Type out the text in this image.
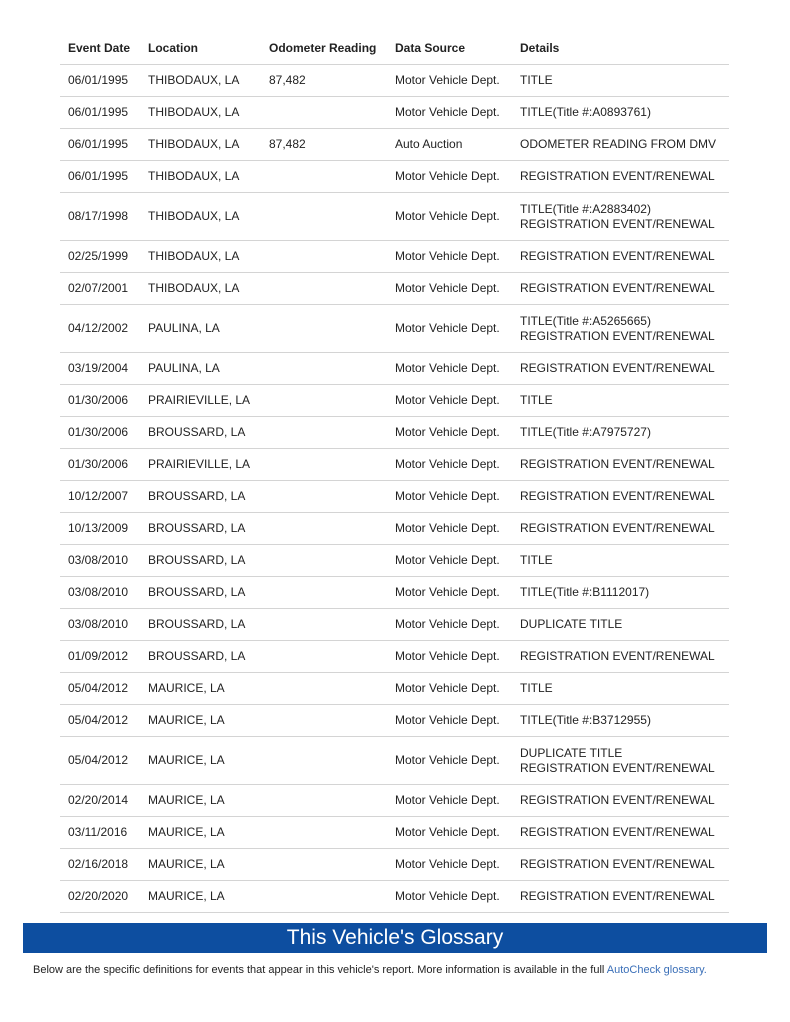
Event Date	Location	Odometer Reading	Data Source	Details
06/01/1995	THIBODAUX, LA	87,482	Motor Vehicle Dept.	TITLE

06/01/1995	THIBODAUX, LA		Motor Vehicle Dept.	TITLE(Title #:A0893761)

06/01/1995	THIBODAUX, LA	87,482	Auto Auction	ODOMETER READING FROM DMV

06/01/1995	THIBODAUX, LA		Motor Vehicle Dept.	REGISTRATION EVENT/RENEWAL

08/17/1998	THIBODAUX, LA		Motor Vehicle Dept.	TITLE(Title #:A2883402)
REGISTRATION EVENT/RENEWAL

02/25/1999	THIBODAUX, LA		Motor Vehicle Dept.	REGISTRATION EVENT/RENEWAL

02/07/2001	THIBODAUX, LA		Motor Vehicle Dept.	REGISTRATION EVENT/RENEWAL

04/12/2002	PAULINA, LA		Motor Vehicle Dept.	TITLE(Title #:A5265665)
REGISTRATION EVENT/RENEWAL

03/19/2004	PAULINA, LA		Motor Vehicle Dept.	REGISTRATION EVENT/RENEWAL

01/30/2006	PRAIRIEVILLE, LA		Motor Vehicle Dept.	TITLE

01/30/2006	BROUSSARD, LA		Motor Vehicle Dept.	TITLE(Title #:A7975727)

01/30/2006	PRAIRIEVILLE, LA		Motor Vehicle Dept.	REGISTRATION EVENT/RENEWAL

10/12/2007	BROUSSARD, LA		Motor Vehicle Dept.	REGISTRATION EVENT/RENEWAL

10/13/2009	BROUSSARD, LA		Motor Vehicle Dept.	REGISTRATION EVENT/RENEWAL

03/08/2010	BROUSSARD, LA		Motor Vehicle Dept.	TITLE

03/08/2010	BROUSSARD, LA		Motor Vehicle Dept.	TITLE(Title #:B1112017)

03/08/2010	BROUSSARD, LA		Motor Vehicle Dept.	DUPLICATE TITLE

01/09/2012	BROUSSARD, LA		Motor Vehicle Dept.	REGISTRATION EVENT/RENEWAL

05/04/2012	MAURICE, LA		Motor Vehicle Dept.	TITLE

05/04/2012	MAURICE, LA		Motor Vehicle Dept.	TITLE(Title #:B3712955)

05/04/2012	MAURICE, LA		Motor Vehicle Dept.	DUPLICATE TITLE
REGISTRATION EVENT/RENEWAL

02/20/2014	MAURICE, LA		Motor Vehicle Dept.	REGISTRATION EVENT/RENEWAL

03/11/2016	MAURICE, LA		Motor Vehicle Dept.	REGISTRATION EVENT/RENEWAL

02/16/2018	MAURICE, LA		Motor Vehicle Dept.	REGISTRATION EVENT/RENEWAL

02/20/2020	MAURICE, LA		Motor Vehicle Dept.	REGISTRATION EVENT/RENEWAL
This Vehicle's Glossary
Below are the specific definitions for events that appear in this vehicle's report. More information is available in the full AutoCheck glossary.
